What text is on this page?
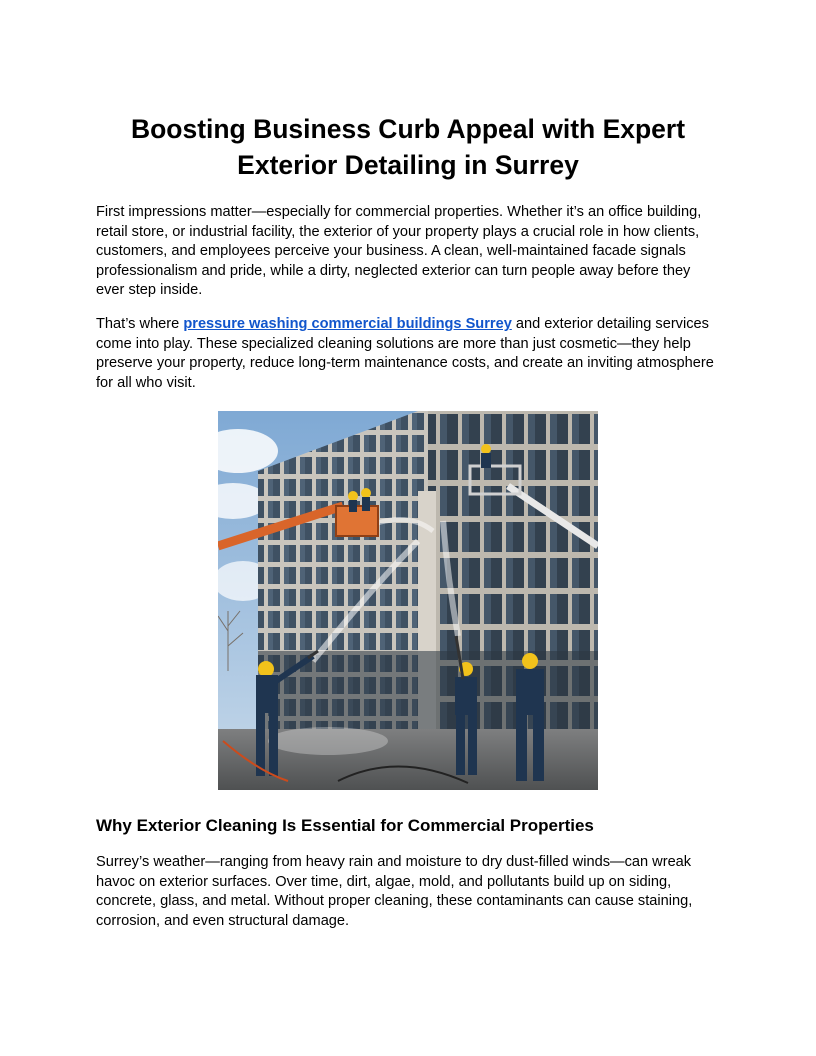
Boosting Business Curb Appeal with Expert Exterior Detailing in Surrey

First impressions matter—especially for commercial properties. Whether it’s an office building, retail store, or industrial facility, the exterior of your property plays a crucial role in how clients, customers, and employees perceive your business. A clean, well-maintained facade signals professionalism and pride, while a dirty, neglected exterior can turn people away before they ever step inside.

That’s where pressure washing commercial buildings Surrey and exterior detailing services come into play. These specialized cleaning solutions are more than just cosmetic—they help preserve your property, reduce long-term maintenance costs, and create an inviting atmosphere for all who visit.

Why Exterior Cleaning Is Essential for Commercial Properties

Surrey’s weather—ranging from heavy rain and moisture to dry dust-filled winds—can wreak havoc on exterior surfaces. Over time, dirt, algae, mold, and pollutants build up on siding, concrete, glass, and metal. Without proper cleaning, these contaminants can cause staining, corrosion, and even structural damage.
